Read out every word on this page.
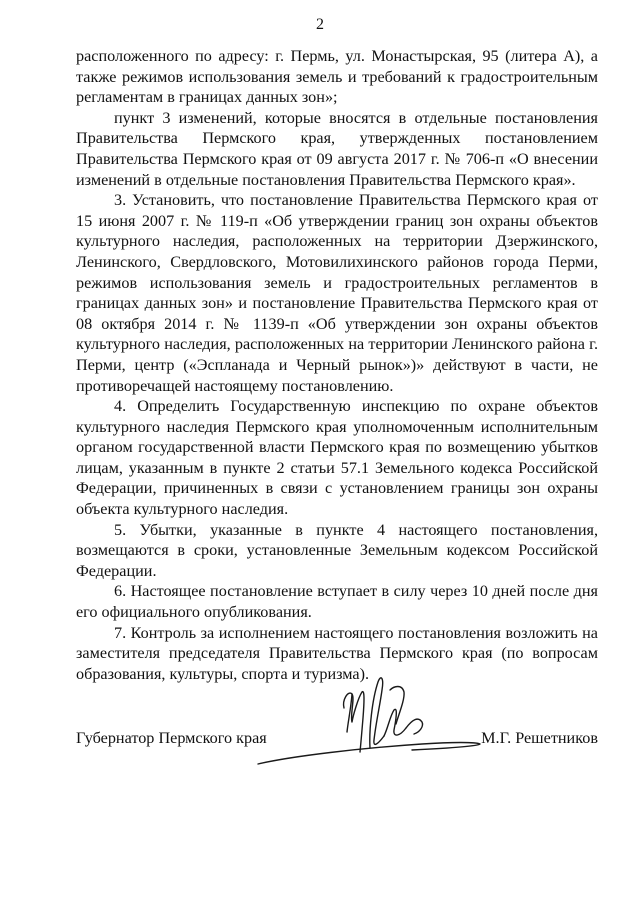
2

расположенного по адресу: г. Пермь, ул. Монастырская, 95 (литера А), а также режимов использования земель и требований к градостроительным регламентам в границах данных зон»;

пункт 3 изменений, которые вносятся в отдельные постановления Правительства Пермского края, утвержденных постановлением Правительства Пермского края от 09 августа 2017 г. № 706-п «О внесении изменений в отдельные постановления Правительства Пермского края».

3. Установить, что постановление Правительства Пермского края от 15 июня 2007 г. № 119-п «Об утверждении границ зон охраны объектов культурного наследия, расположенных на территории Дзержинского, Ленинского, Свердловского, Мотовилихинского районов города Перми, режимов использования земель и градостроительных регламентов в границах данных зон» и постановление Правительства Пермского края от 08 октября 2014 г. № 1139-п «Об утверждении зон охраны объектов культурного наследия, расположенных на территории Ленинского района г. Перми, центр («Эспланада и Черный рынок»)» действуют в части, не противоречащей настоящему постановлению.

4. Определить Государственную инспекцию по охране объектов культурного наследия Пермского края уполномоченным исполнительным органом государственной власти Пермского края по возмещению убытков лицам, указанным в пункте 2 статьи 57.1 Земельного кодекса Российской Федерации, причиненных в связи с установлением границы зон охраны объекта культурного наследия.

5. Убытки, указанные в пункте 4 настоящего постановления, возмещаются в сроки, установленные Земельным кодексом Российской Федерации.

6. Настоящее постановление вступает в силу через 10 дней после дня его официального опубликования.

7. Контроль за исполнением настоящего постановления возложить на заместителя председателя Правительства Пермского края (по вопросам образования, культуры, спорта и туризма).

Губернатор Пермского края	М.Г. Решетников
